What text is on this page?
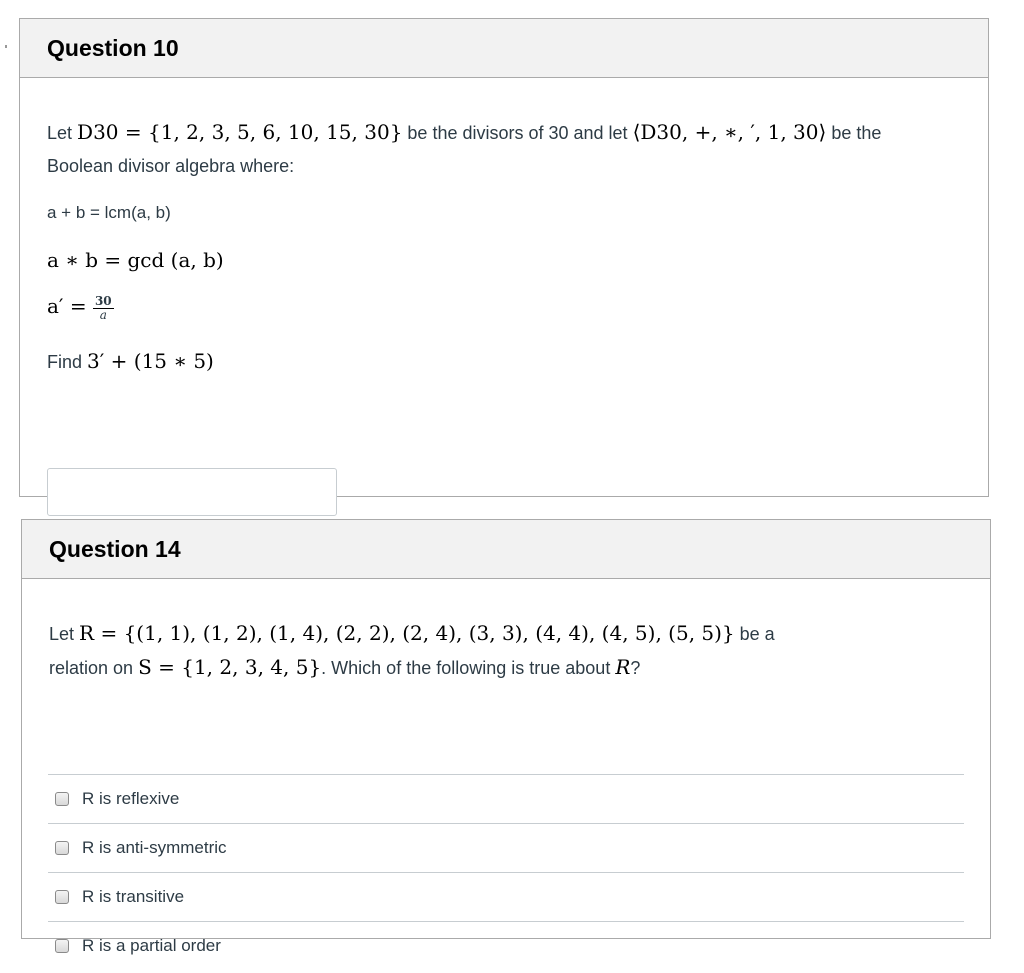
Question 10
Let D30 = {1, 2, 3, 5, 6, 10, 15, 30} be the divisors of 30 and let ⟨D30, +, ∗, ′, 1, 30⟩ be the
Boolean divisor algebra where:
a + b = lcm(a, b)
a ∗ b = gcd (a, b)
$a' = \frac{30}{a}$
Find 3′ + (15 ∗ 5)
Question 14
Let R = {(1, 1), (1, 2), (1, 4), (2, 2), (2, 4), (3, 3), (4, 4), (4, 5), (5, 5)} be a
relation on S = {1, 2, 3, 4, 5}. Which of the following is true about R?
R is reflexive
R is anti-symmetric
R is transitive
R is a partial order
